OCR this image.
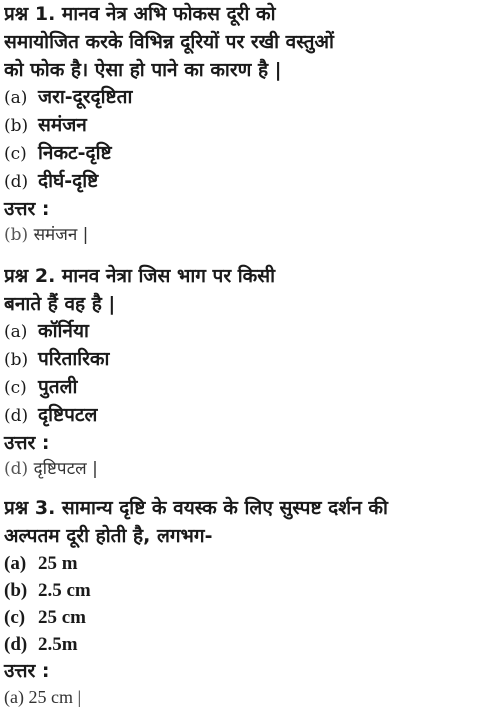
प्रश्न 1. मानव नेत्र अभि फोकस दूरी को
समायोजित करके विभिन्न दूरियों पर रखी वस्तुओं
को फोक है। ऐसा हो पाने का कारण है |
(a) जरा-दूरदृष्टिता
(b) समंजन
(c) निकट-दृष्टि
(d) दीर्घ-दृष्टि
उत्तर :
(b) समंजन |
प्रश्न 2. मानव नेत्रा जिस भाग पर किसी
बनाते हैं वह है |
(a) कॉर्निया
(b) परितारिका
(c) पुतली
(d) दृष्टिपटल
उत्तर :
(d) दृष्टिपटल |
प्रश्न 3. सामान्य दृष्टि के वयस्क के लिए सुस्पष्ट दर्शन की
अल्पतम दूरी होती है, लगभग-
(a) 25 m
(b) 2.5 cm
(c) 25 cm
(d) 2.5m
उत्तर :
(a) 25 cm |
